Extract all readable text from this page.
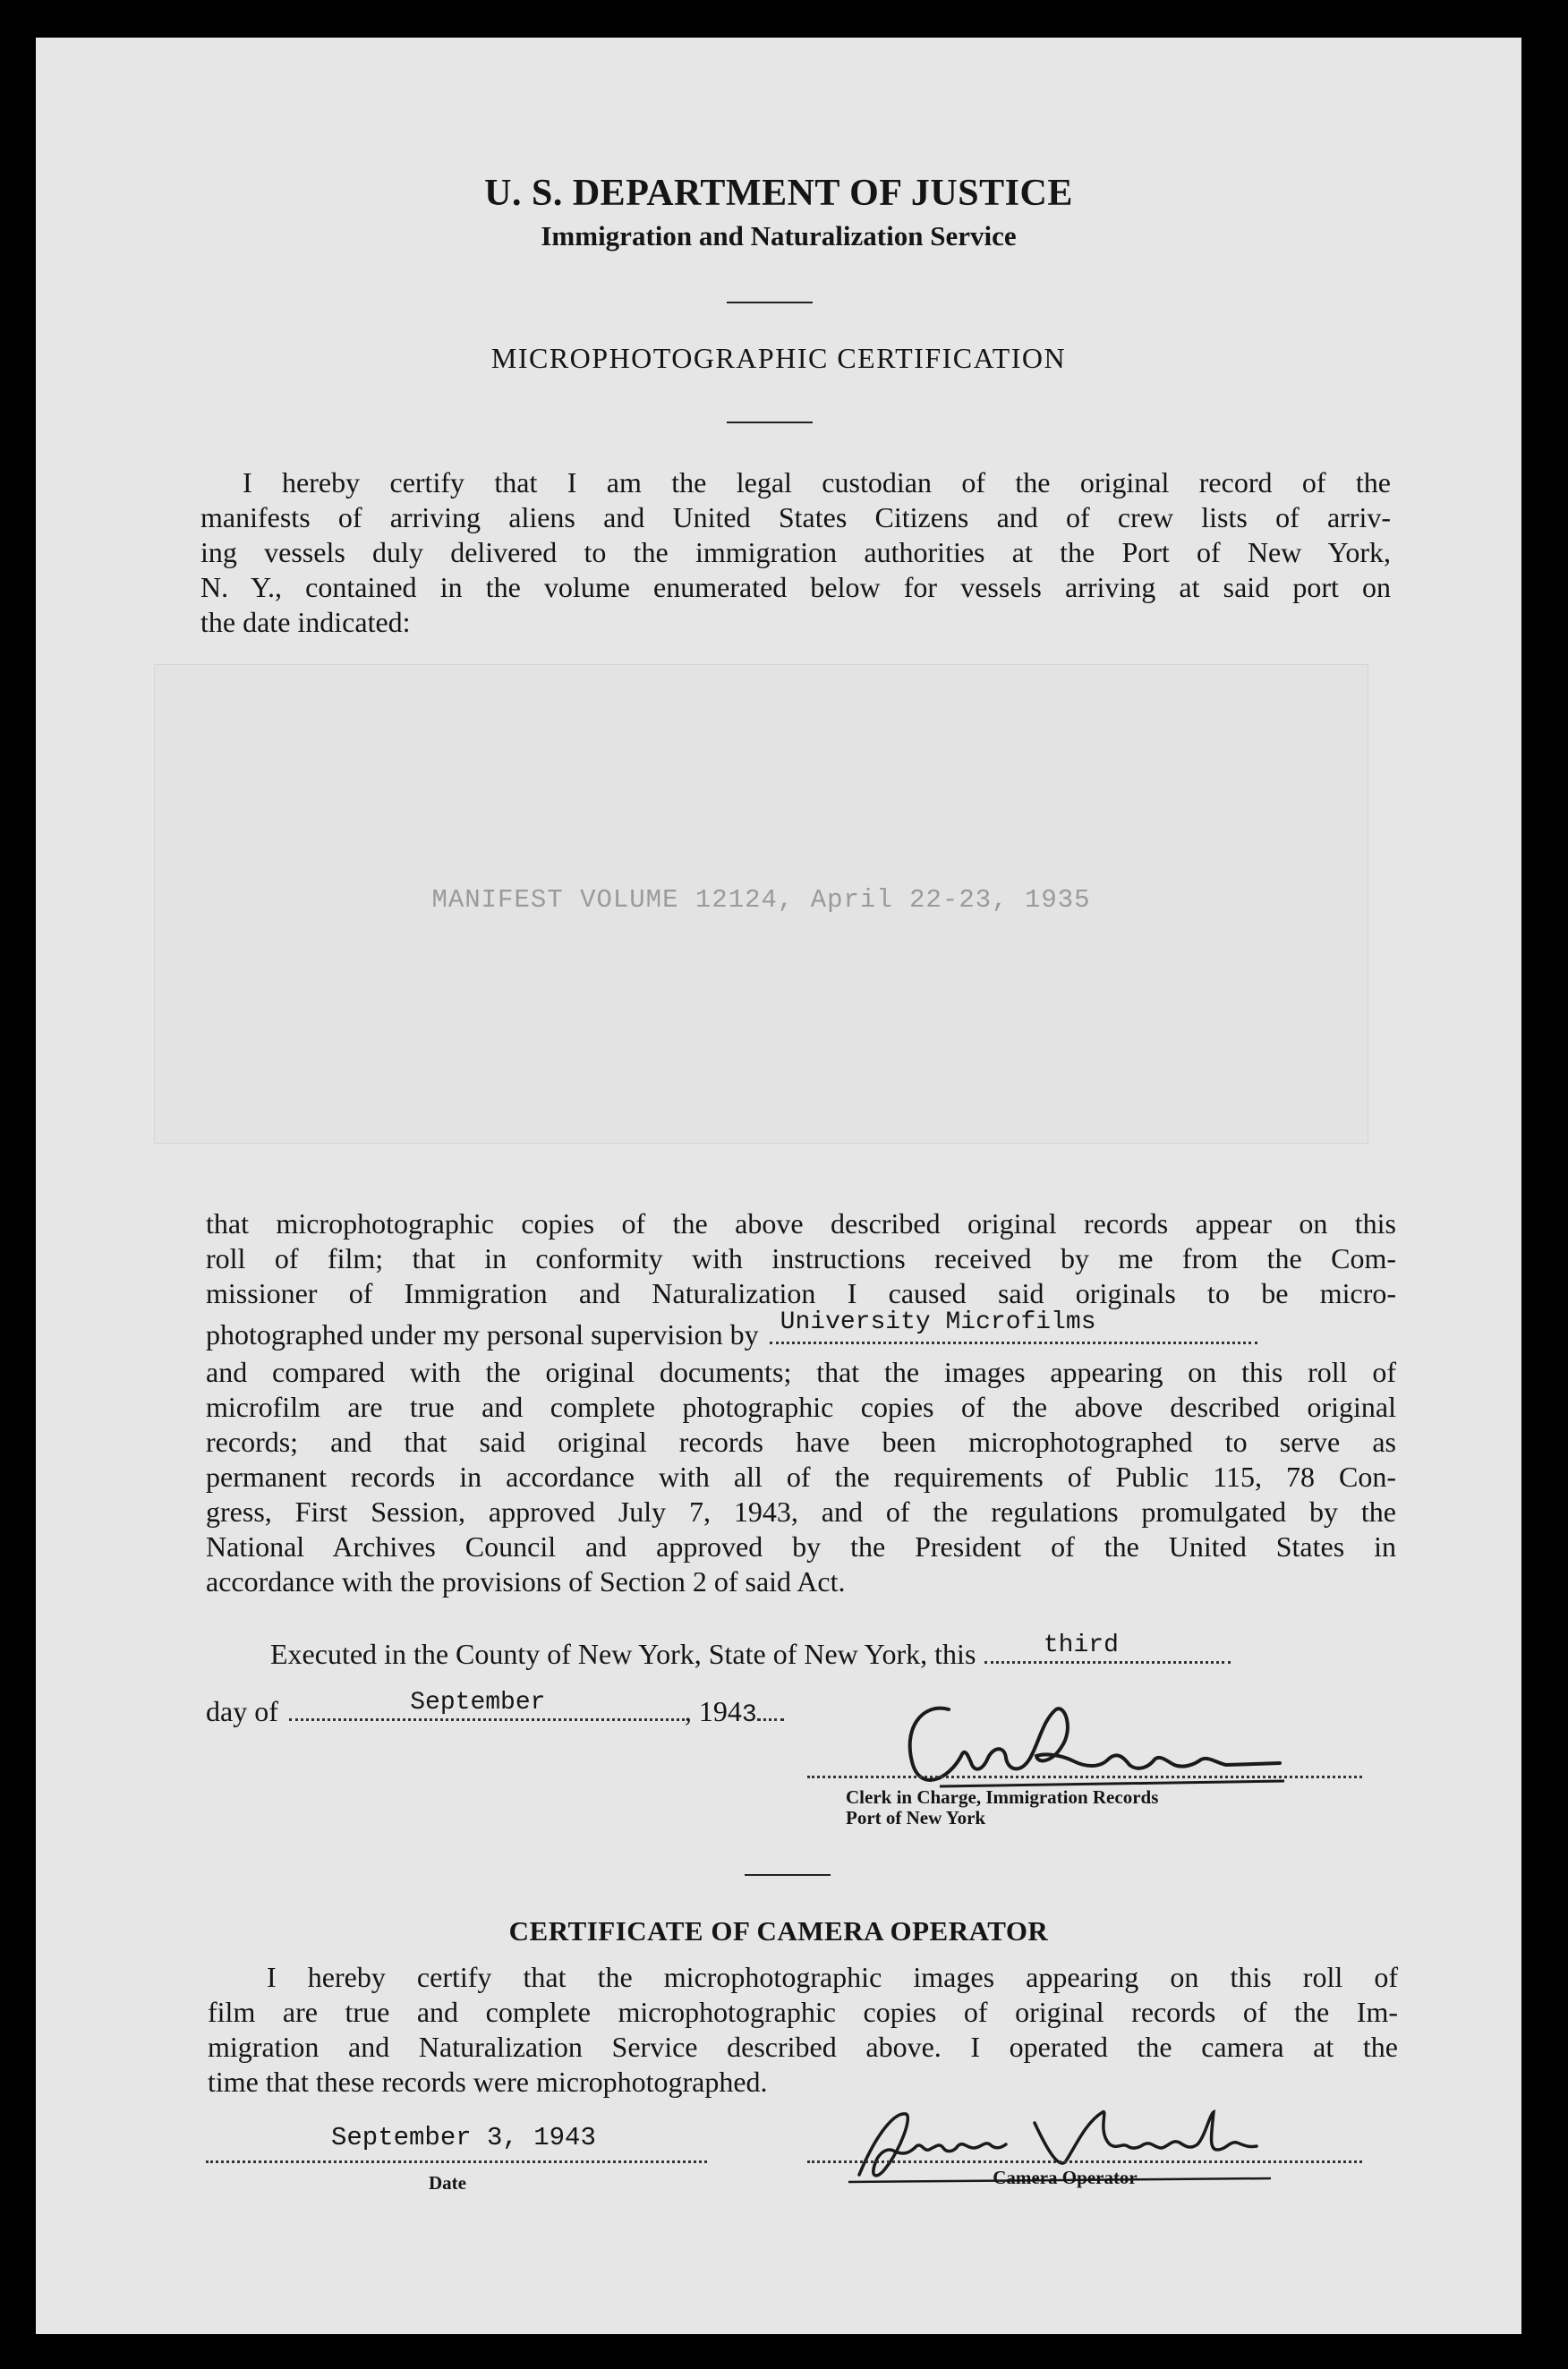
U. S. DEPARTMENT OF JUSTICE
Immigration and Naturalization Service
MICROPHOTOGRAPHIC CERTIFICATION
I hereby certify that I am the legal custodian of the original record of the
manifests of arriving aliens and United States Citizens and of crew lists of arriv-
ing vessels duly delivered to the immigration authorities at the Port of New York,
N. Y., contained in the volume enumerated below for vessels arriving at said port on
the date indicated:
MANIFEST VOLUME 12124, April 22-23, 1935
that microphotographic copies of the above described original records appear on this
roll of film; that in conformity with instructions received by me from the Com-
missioner of Immigration and Naturalization I caused said originals to be micro-
photographed under my personal supervision by University Microfilms
and compared with the original documents; that the images appearing on this roll of
microfilm are true and complete photographic copies of the above described original
records; and that said original records have been microphotographed to serve as
permanent records in accordance with all of the requirements of Public 115, 78 Con-
gress, First Session, approved July 7, 1943, and of the regulations promulgated by the
National Archives Council and approved by the President of the United States in
accordance with the provisions of Section 2 of said Act.
Executed in the County of New York, State of New York, this	third
day of	September	, 1943
Clerk in Charge, Immigration Records
Port of New York
CERTIFICATE OF CAMERA OPERATOR
I hereby certify that the microphotographic images appearing on this roll of
film are true and complete microphotographic copies of original records of the Im-
migration and Naturalization Service described above. I operated the camera at the
time that these records were microphotographed.
September 3, 1943
Date	Camera Operator
